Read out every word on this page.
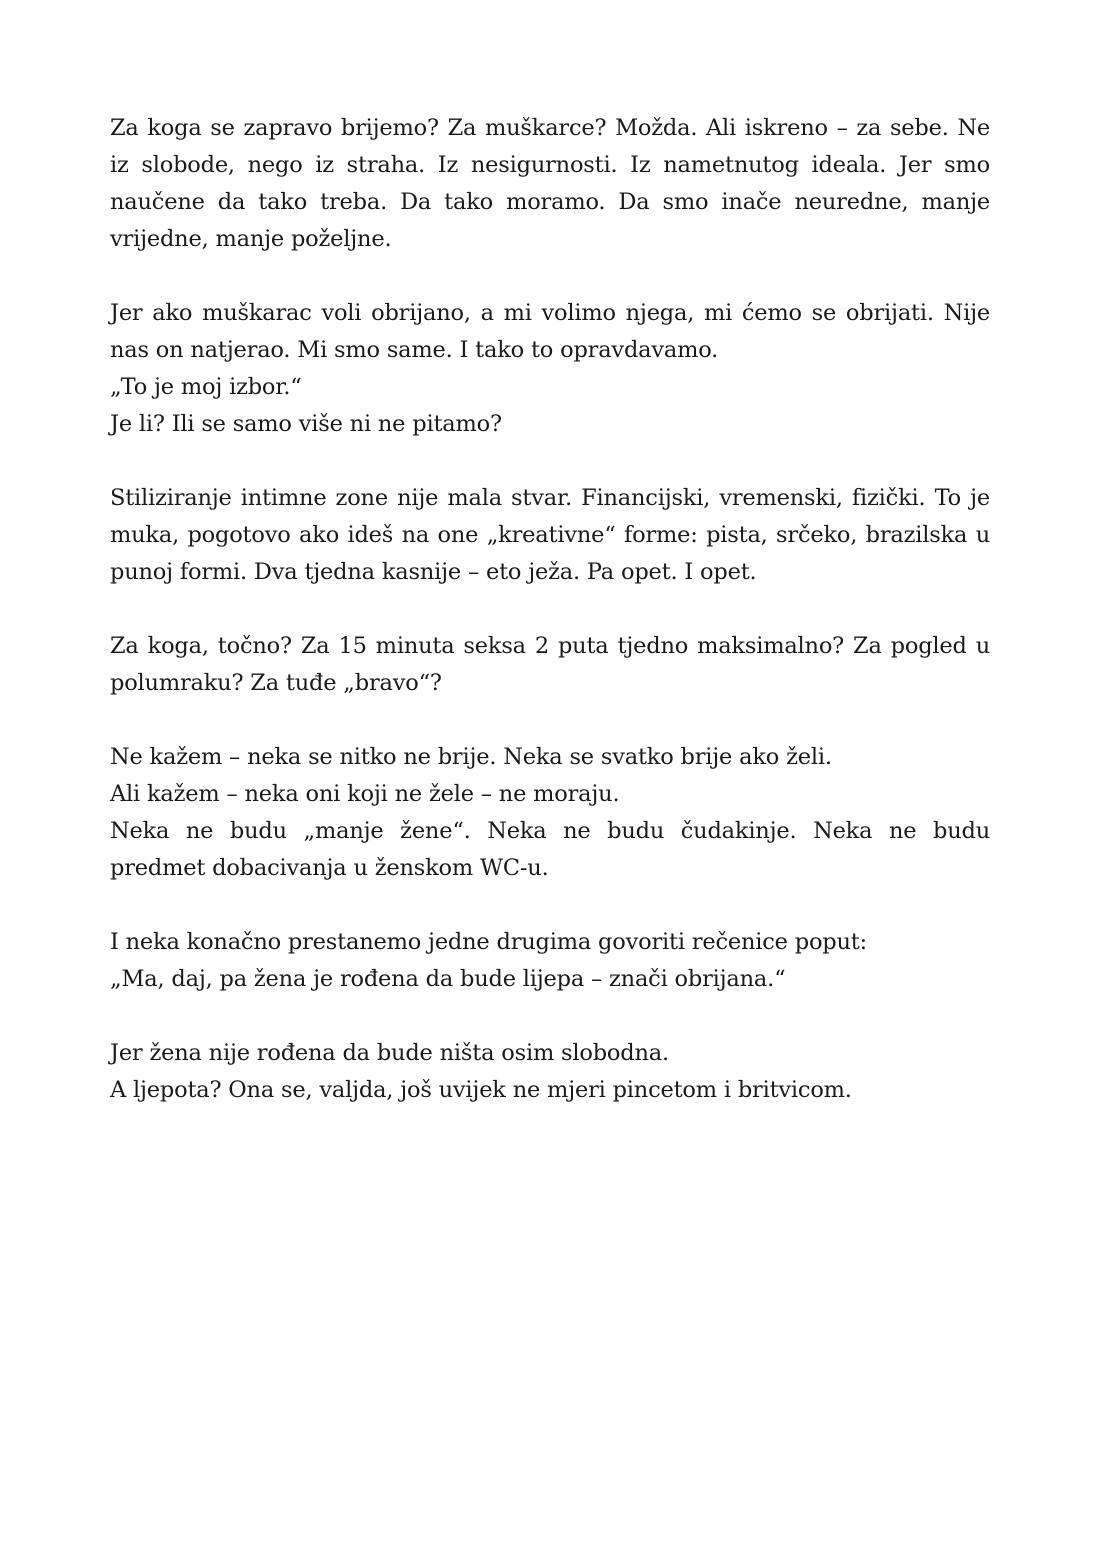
Za koga se zapravo brijemo? Za muškarce? Možda. Ali iskreno – za sebe. Ne
iz slobode, nego iz straha. Iz nesigurnosti. Iz nametnutog ideala. Jer smo
naučene da tako treba. Da tako moramo. Da smo inače neuredne, manje
vrijedne, manje poželjne.

Jer ako muškarac voli obrijano, a mi volimo njega, mi ćemo se obrijati. Nije
nas on natjerao. Mi smo same. I tako to opravdavamo.
„To je moj izbor.“
Je li? Ili se samo više ni ne pitamo?

Stiliziranje intimne zone nije mala stvar. Financijski, vremenski, fizički. To je
muka, pogotovo ako ideš na one „kreativne“ forme: pista, srčeko, brazilska u
punoj formi. Dva tjedna kasnije – eto ježa. Pa opet. I opet.

Za koga, točno? Za 15 minuta seksa 2 puta tjedno maksimalno? Za pogled u
polumraku? Za tuđe „bravo“?

Ne kažem – neka se nitko ne brije. Neka se svatko brije ako želi.
Ali kažem – neka oni koji ne žele – ne moraju.
Neka ne budu „manje žene“. Neka ne budu čudakinje. Neka ne budu
predmet dobacivanja u ženskom WC-u.

I neka konačno prestanemo jedne drugima govoriti rečenice poput:
„Ma, daj, pa žena je rođena da bude lijepa – znači obrijana.“

Jer žena nije rođena da bude ništa osim slobodna.
A ljepota? Ona se, valjda, još uvijek ne mjeri pincetom i britvicom.
